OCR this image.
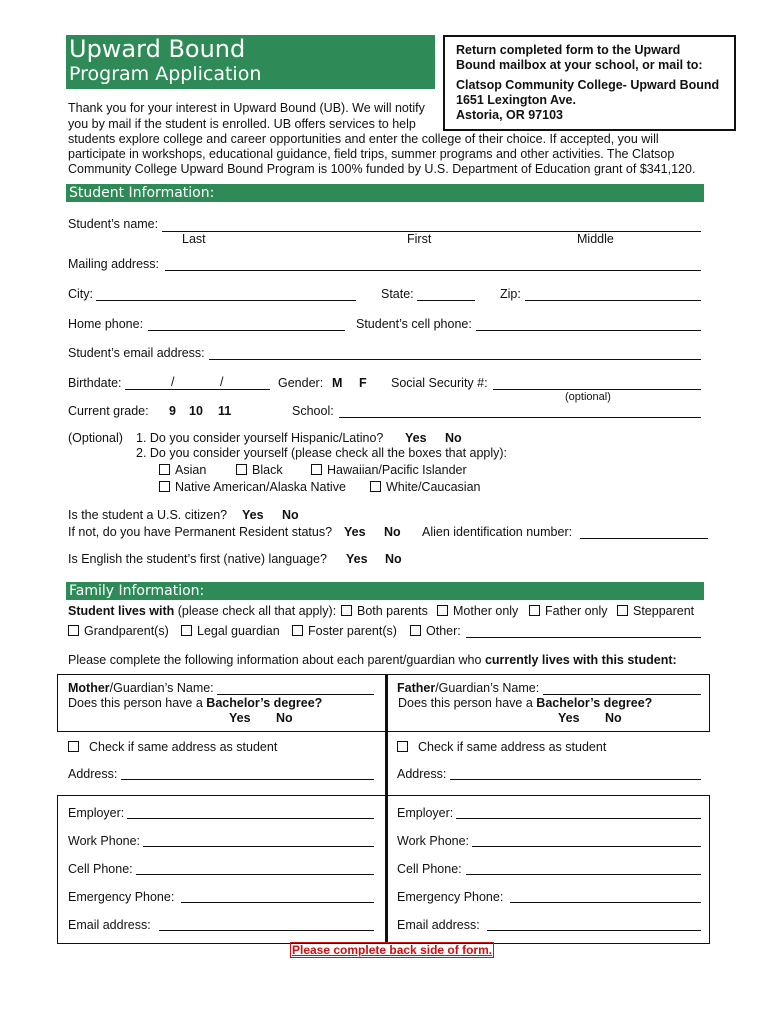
Upward Bound
Program Application
Return completed form to the Upward
Bound mailbox at your school, or mail to:
Clatsop Community College- Upward Bound
1651 Lexington Ave.
Astoria, OR 97103
Thank you for your interest in Upward Bound (UB). We will notify
you by mail if the student is enrolled. UB offers services to help
students explore college and career opportunities and enter the college of their choice. If accepted, you will
participate in workshops, educational guidance, field trips, summer programs and other activities. The Clatsop
Community College Upward Bound Program is 100% funded by U.S. Department of Education grant of $341,120.
Student Information:
Student’s name:
Last	First	Middle
Mailing address:
City:	State:	Zip:
Home phone:	Student’s cell phone:
Student’s email address:
Birthdate:	/	/	Gender: M F Social Security #:
(optional)
Current grade: 9 10 11	School:
(Optional) 1. Do you consider yourself Hispanic/Latino? Yes No
2. Do you consider yourself (please check all the boxes that apply):
Asian	Black	Hawaiian/Pacific Islander
Native American/Alaska Native	White/Caucasian
Is the student a U.S. citizen? Yes No
If not, do you have Permanent Resident status? Yes No Alien identification number:
Is English the student’s first (native) language? Yes No
Family Information:
Student lives with (please check all that apply):	Both parents	Mother only	Father only	Stepparent
Grandparent(s)	Legal guardian	Foster parent(s)	Other:
Please complete the following information about each parent/guardian who currently lives with this student:
Mother/Guardian’s Name:
Does this person have a Bachelor’s degree?
Yes No
Check if same address as student
Address:
Employer:
Work Phone:
Cell Phone:
Emergency Phone:
Email address:
Father/Guardian’s Name:
Does this person have a Bachelor’s degree?
Yes No
Check if same address as student
Address:
Employer:
Work Phone:
Cell Phone:
Emergency Phone:
Email address:
Please complete back side of form.
